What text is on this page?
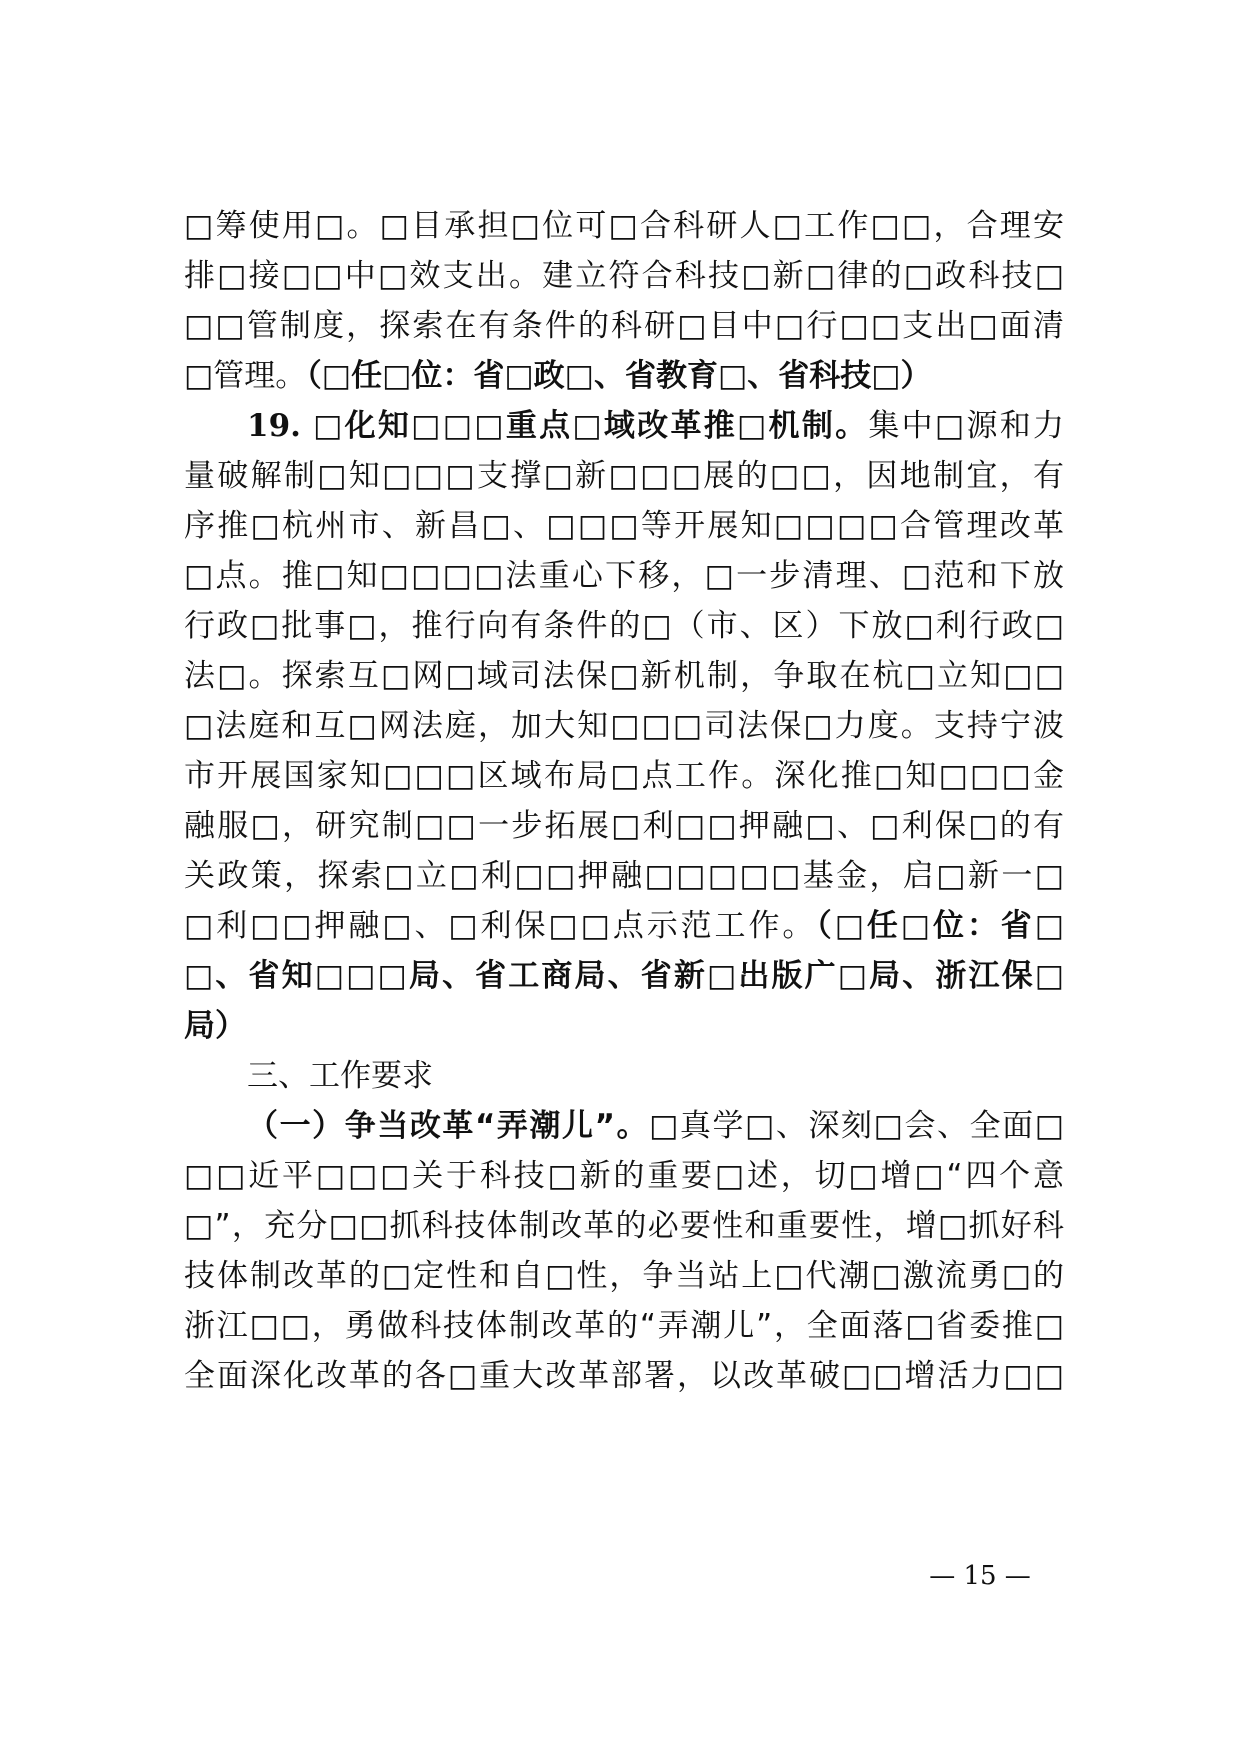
□筹使用□。□目承担□位可□合科研人□工作□□，合理安
排□接□□中□效支出。建立符合科技□新□律的□政科技□
□□管制度，探索在有条件的科研□目中□行□□支出□面清
□管理。（□任□位：省□政□、省教育□、省科技□）
19. □化知□□□重点□域改革推□机制。集中□源和力
量破解制□知□□□支撑□新□□□展的□□，因地制宜，有
序推□杭州市、新昌□、□□□等开展知□□□□合管理改革
□点。推□知□□□□法重心下移，□一步清理、□范和下放
行政□批事□，推行向有条件的□（市、区）下放□利行政□
法□。探索互□网□域司法保□新机制，争取在杭□立知□□
□法庭和互□网法庭，加大知□□□司法保□力度。支持宁波
市开展国家知□□□区域布局□点工作。深化推□知□□□金
融服□，研究制□□一步拓展□利□□押融□、□利保□的有
关政策，探索□立□利□□押融□□□□□基金，启□新一□
□利□□押融□、□利保□□点示范工作。（□任□位：省□
□、省知□□□局、省工商局、省新□出版广□局、浙江保□
局）
三、工作要求
（一）争当改革“弄潮儿”。□真学□、深刻□会、全面□
□□近平□□□关于科技□新的重要□述，切□增□“四个意
□”，充分□□抓科技体制改革的必要性和重要性，增□抓好科
技体制改革的□定性和自□性，争当站上□代潮□激流勇□的
浙江□□，勇做科技体制改革的“弄潮儿”，全面落□省委推□
全面深化改革的各□重大改革部署，以改革破□□增活力□□
— 15 —
